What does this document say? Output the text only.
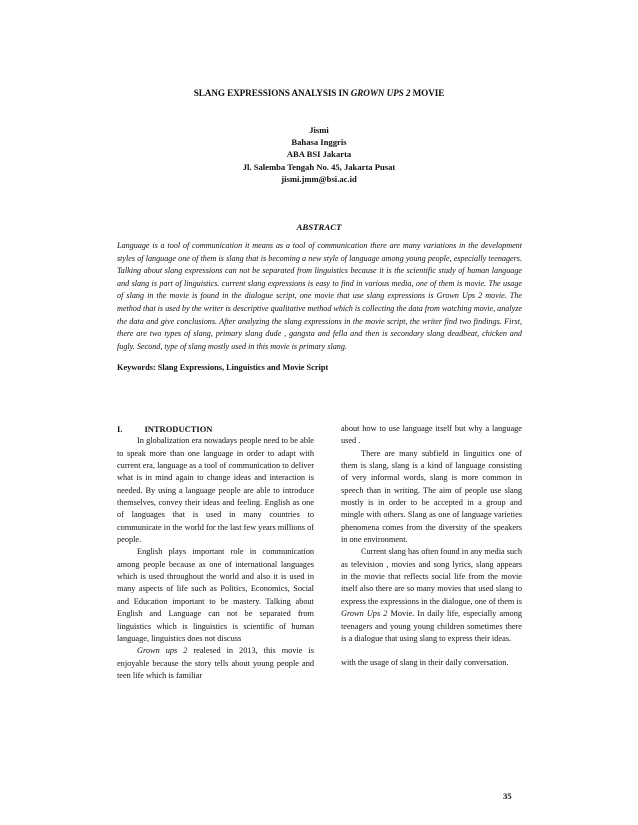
SLANG EXPRESSIONS ANALYSIS IN GROWN UPS 2 MOVIE
Jismi
Bahasa Inggris
ABA BSI Jakarta
Jl. Salemba Tengah No. 45, Jakarta Pusat
jismi.jmm@bsi.ac.id
ABSTRACT
Language is a tool of communication it means as a tool of communication there are many variations in the development styles of language one of them is slang that is becoming a new style of language among young people, especially teenagers. Talking about slang expressions can not be separated from linguistics because it is the scientific study of human language and slang is part of linguistics. current slang expressions is easy to find in various media, one of them is movie. The usage of slang in the movie is found in the dialogue script, one movie that use slang expressions is Grown Ups 2 movie. The method that is used by the writer is descriptive qualitative method which is collecting the data from watching movie, analyze the data and give conclusions. After analyzing the slang expressions in the movie script, the writer find two findings. First, there are two types of slang, primary slang dude , gangsta and fella and then is secondary slang deadbeat, chicken and fugly. Second, type of slang mostly used in this movie is primary slang.
Keywords: Slang Expressions, Linguistics and Movie Script
I.	INTRODUCTION

In globalization era nowadays people need to be able to speak more than one language in order to adapt with current era, language as a tool of communication to deliver what is in mind again to change ideas and interaction is needed. By using a language people are able to introduce themselves, convey their ideas and feeling. English as one of languages that is used in many countries to communicate in the world for the last few years millions of people.

English plays important role in communication among people because as one of international languages which is used throughout the world and also it is used in many aspects of life such as Politics, Economics, Social and Education important to be mastery. Talking about English and Language can not be separated from linguistics which is linguistics is scientific of human language, linguistics does not discuss

Grown ups 2 realesed in 2013, this movie is enjoyable because the story tells about young people and teen life which is familiar

about how to use language itself but why a language used .

There are many subfield in linguitics one of them is slang, slang is a kind of language consisting of very informal words, slang is more common in speech than in writing. The aim of people use slang mostly is in order to be accepted in a group and mingle with others. Slang as one of language varieties phenomena comes from the diversity of the speakers in one environment.

Current slang has often found in any media such as television , movies and song lyrics, slang appears in the movie that reflects social life from the movie itself also there are so many movies that used slang to express the expressions in the dialogue, one of them is Grown Ups 2 Movie. In daily life, especially among teenagers and young young children sometimes there is a dialogue that using slang to express their ideas.

with the usage of slang in their daily conversation.

35
